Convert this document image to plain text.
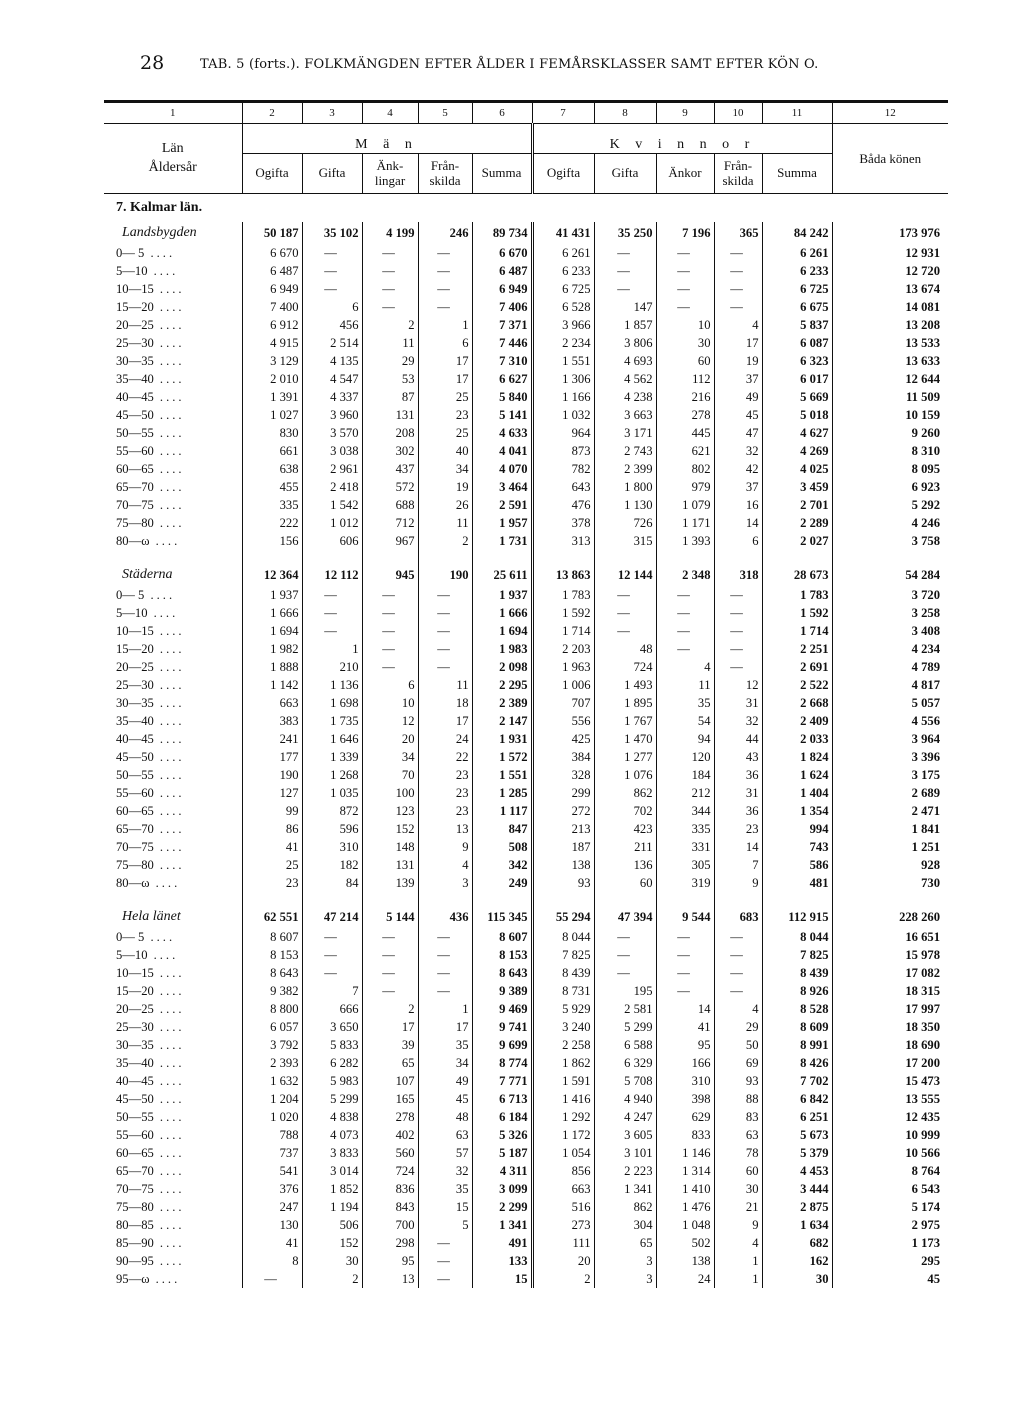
28	TAB. 5 (forts.). FOLKMÄNGDEN EFTER ÅLDER I FEMÅRSKLASSER SAMT EFTER KÖN O.
1	2	3	4	5	6	7	8	9	10	11	12

Län
Åldersår	M ä n					K v i n n o r					Båda könen
	Ogifta	Gifta	Änk-lingar	Från-skilda	Summa	Ogifta	Gifta	Änkor	Från-skilda	Summa	
7. Kalmar län.											
Landsbygden	50 187	35 102	4 199	246	89 734	41 431	35 250	7 196	365	84 242	173 976
0— 5 ....	6 670	—	—	—	6 670	6 261	—	—	—	6 261	12 931
5—10 ....	6 487	—	—	—	6 487	6 233	—	—	—	6 233	12 720
10—15 ....	6 949	—	—	—	6 949	6 725	—	—	—	6 725	13 674
15—20 ....	7 400	6	—	—	7 406	6 528	147	—	—	6 675	14 081
20—25 ....	6 912	456	2	1	7 371	3 966	1 857	10	4	5 837	13 208
25—30 ....	4 915	2 514	11	6	7 446	2 234	3 806	30	17	6 087	13 533
30—35 ....	3 129	4 135	29	17	7 310	1 551	4 693	60	19	6 323	13 633
35—40 ....	2 010	4 547	53	17	6 627	1 306	4 562	112	37	6 017	12 644
40—45 ....	1 391	4 337	87	25	5 840	1 166	4 238	216	49	5 669	11 509
45—50 ....	1 027	3 960	131	23	5 141	1 032	3 663	278	45	5 018	10 159
50—55 ....	830	3 570	208	25	4 633	964	3 171	445	47	4 627	9 260
55—60 ....	661	3 038	302	40	4 041	873	2 743	621	32	4 269	8 310
60—65 ....	638	2 961	437	34	4 070	782	2 399	802	42	4 025	8 095
65—70 ....	455	2 418	572	19	3 464	643	1 800	979	37	3 459	6 923
70—75 ....	335	1 542	688	26	2 591	476	1 130	1 079	16	2 701	5 292
75—80 ....	222	1 012	712	11	1 957	378	726	1 171	14	2 289	4 246
80—ω ....	156	606	967	2	1 731	313	315	1 393	6	2 027	3 758

Städerna	12 364	12 112	945	190	25 611	13 863	12 144	2 348	318	28 673	54 284
0— 5 ....	1 937	—	—	—	1 937	1 783	—	—	—	1 783	3 720
5—10 ....	1 666	—	—	—	1 666	1 592	—	—	—	1 592	3 258
10—15 ....	1 694	—	—	—	1 694	1 714	—	—	—	1 714	3 408
15—20 ....	1 982	1	—	—	1 983	2 203	48	—	—	2 251	4 234
20—25 ....	1 888	210	—	—	2 098	1 963	724	4	—	2 691	4 789
25—30 ....	1 142	1 136	6	11	2 295	1 006	1 493	11	12	2 522	4 817
30—35 ....	663	1 698	10	18	2 389	707	1 895	35	31	2 668	5 057
35—40 ....	383	1 735	12	17	2 147	556	1 767	54	32	2 409	4 556
40—45 ....	241	1 646	20	24	1 931	425	1 470	94	44	2 033	3 964
45—50 ....	177	1 339	34	22	1 572	384	1 277	120	43	1 824	3 396
50—55 ....	190	1 268	70	23	1 551	328	1 076	184	36	1 624	3 175
55—60 ....	127	1 035	100	23	1 285	299	862	212	31	1 404	2 689
60—65 ....	99	872	123	23	1 117	272	702	344	36	1 354	2 471
65—70 ....	86	596	152	13	847	213	423	335	23	994	1 841
70—75 ....	41	310	148	9	508	187	211	331	14	743	1 251
75—80 ....	25	182	131	4	342	138	136	305	7	586	928
80—ω ....	23	84	139	3	249	93	60	319	9	481	730

Hela länet	62 551	47 214	5 144	436	115 345	55 294	47 394	9 544	683	112 915	228 260
0— 5 ....	8 607	—	—	—	8 607	8 044	—	—	—	8 044	16 651
5—10 ....	8 153	—	—	—	8 153	7 825	—	—	—	7 825	15 978
10—15 ....	8 643	—	—	—	8 643	8 439	—	—	—	8 439	17 082
15—20 ....	9 382	7	—	—	9 389	8 731	195	—	—	8 926	18 315
20—25 ....	8 800	666	2	1	9 469	5 929	2 581	14	4	8 528	17 997
25—30 ....	6 057	3 650	17	17	9 741	3 240	5 299	41	29	8 609	18 350
30—35 ....	3 792	5 833	39	35	9 699	2 258	6 588	95	50	8 991	18 690
35—40 ....	2 393	6 282	65	34	8 774	1 862	6 329	166	69	8 426	17 200
40—45 ....	1 632	5 983	107	49	7 771	1 591	5 708	310	93	7 702	15 473
45—50 ....	1 204	5 299	165	45	6 713	1 416	4 940	398	88	6 842	13 555
50—55 ....	1 020	4 838	278	48	6 184	1 292	4 247	629	83	6 251	12 435
55—60 ....	788	4 073	402	63	5 326	1 172	3 605	833	63	5 673	10 999
60—65 ....	737	3 833	560	57	5 187	1 054	3 101	1 146	78	5 379	10 566
65—70 ....	541	3 014	724	32	4 311	856	2 223	1 314	60	4 453	8 764
70—75 ....	376	1 852	836	35	3 099	663	1 341	1 410	30	3 444	6 543
75—80 ....	247	1 194	843	15	2 299	516	862	1 476	21	2 875	5 174
80—85 ....	130	506	700	5	1 341	273	304	1 048	9	1 634	2 975
85—90 ....	41	152	298	—	491	111	65	502	4	682	1 173
90—95 ....	8	30	95	—	133	20	3	138	1	162	295
95—ω ....	—	2	13	—	15	2	3	24	1	30	45
